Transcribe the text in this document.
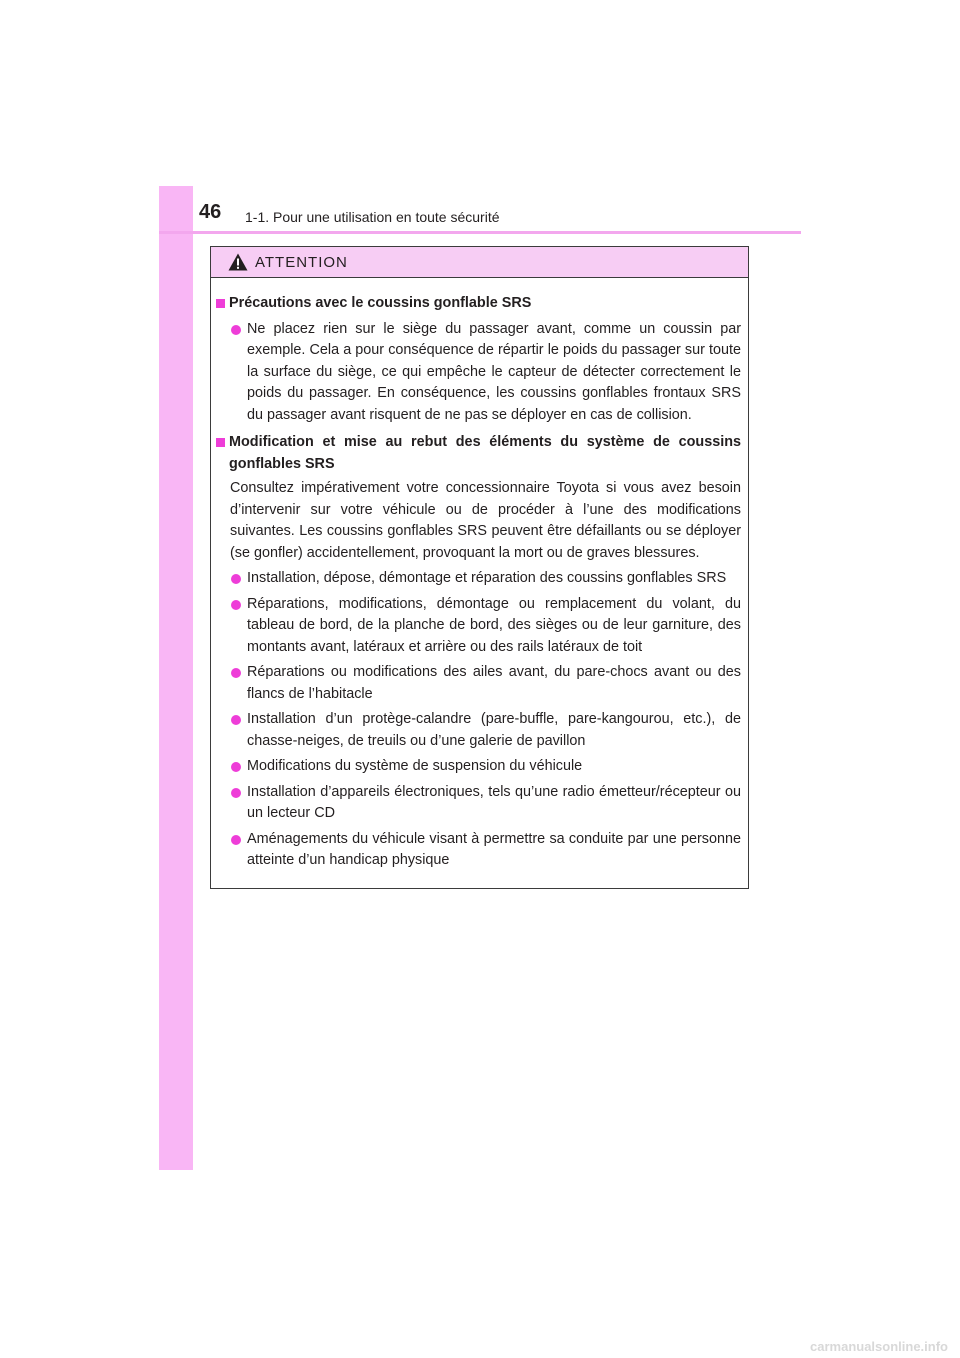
46 1-1. Pour une utilisation en toute sécurité
ATTENTION
Précautions avec le coussins gonflable SRS
Ne placez rien sur le siège du passager avant, comme un coussin par exemple. Cela a pour conséquence de répartir le poids du passager sur toute la surface du siège, ce qui empêche le capteur de détecter correctement le poids du passager. En conséquence, les coussins gonflables frontaux SRS du passager avant risquent de ne pas se déployer en cas de collision.
Modification et mise au rebut des éléments du système de coussins gonflables SRS
Consultez impérativement votre concessionnaire Toyota si vous avez besoin d’intervenir sur votre véhicule ou de procéder à l’une des modifications suivantes. Les coussins gonflables SRS peuvent être défaillants ou se déployer (se gonfler) accidentellement, provoquant la mort ou de graves blessures.
Installation, dépose, démontage et réparation des coussins gonflables SRS
Réparations, modifications, démontage ou remplacement du volant, du tableau de bord, de la planche de bord, des sièges ou de leur garniture, des montants avant, latéraux et arrière ou des rails latéraux de toit
Réparations ou modifications des ailes avant, du pare-chocs avant ou des flancs de l’habitacle
Installation d’un protège-calandre (pare-buffle, pare-kangourou, etc.), de chasse-neiges, de treuils ou d’une galerie de pavillon
Modifications du système de suspension du véhicule
Installation d’appareils électroniques, tels qu’une radio émetteur/récepteur ou un lecteur CD
Aménagements du véhicule visant à permettre sa conduite par une personne atteinte d’un handicap physique
carmanualsonline.info
